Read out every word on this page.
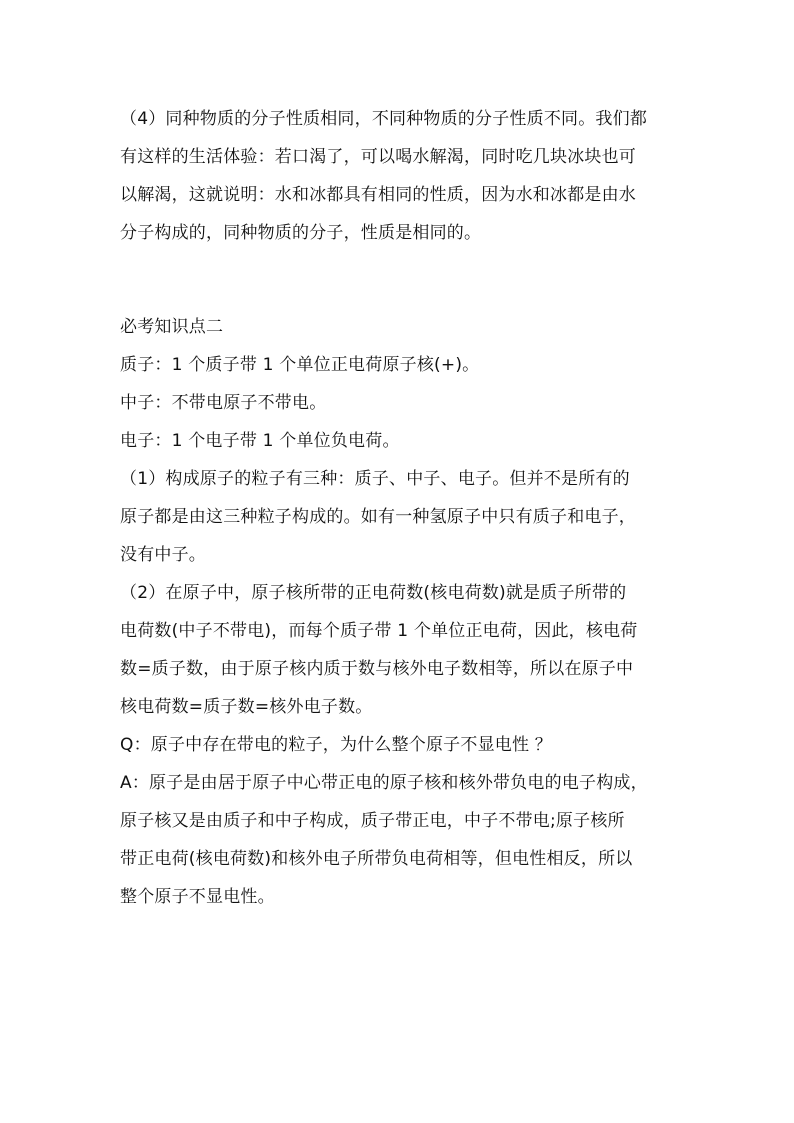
（4）同种物质的分子性质相同，不同种物质的分子性质不同。我们都
有这样的生活体验：若口渴了，可以喝水解渴，同时吃几块冰块也可
以解渴，这就说明：水和冰都具有相同的性质，因为水和冰都是由水
分子构成的，同种物质的分子，性质是相同的。
必考知识点二
质子：1 个质子带 1 个单位正电荷原子核(+)。
中子：不带电原子不带电。
电子：1 个电子带 1 个单位负电荷。
（1）构成原子的粒子有三种：质子、中子、电子。但并不是所有的
原子都是由这三种粒子构成的。如有一种氢原子中只有质子和电子，
没有中子。
（2）在原子中，原子核所带的正电荷数(核电荷数)就是质子所带的
电荷数(中子不带电)，而每个质子带 1 个单位正电荷，因此，核电荷
数=质子数，由于原子核内质于数与核外电子数相等，所以在原子中
核电荷数=质子数=核外电子数。
Q：原子中存在带电的粒子，为什么整个原子不显电性 ？
A：原子是由居于原子中心带正电的原子核和核外带负电的电子构成，
原子核又是由质子和中子构成，质子带正电，中子不带电;原子核所
带正电荷(核电荷数)和核外电子所带负电荷相等，但电性相反，所以
整个原子不显电性。
